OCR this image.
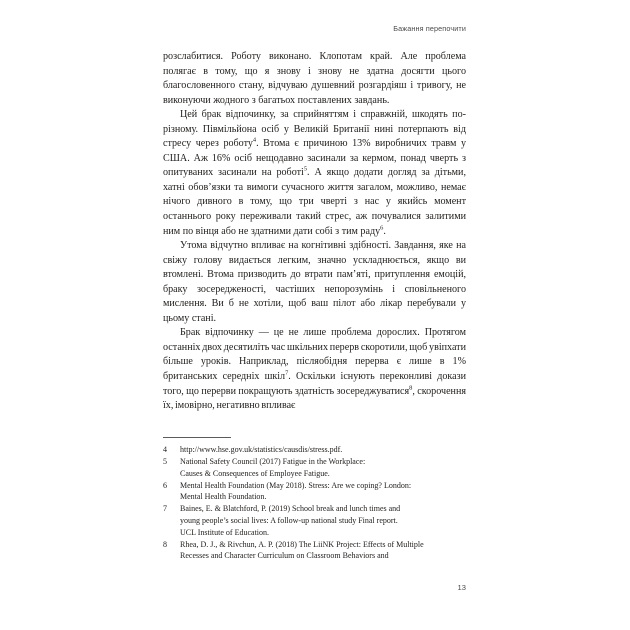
Бажання перепочити

розслабитися. Роботу виконано. Клопотам край. Але проблема полягає в тому, що я знову і знову не здатна досягти цього благословенного стану, відчуваю душевний розгардіяш і тривогу, не виконуючи жодного з багатьох поставлених завдань.

Цей брак відпочинку, за сприйняттям і справжній, шкодять по-різному. Півмільйона осіб у Великій Британії нині потерпають від стресу через роботу$^4$. Втома є причиною 13% виробничих травм у США. Аж 16% осіб нещодавно засинали за кермом, понад чверть з опитуваних засинали на роботі$^5$. А якщо додати догляд за дітьми, хатні обов’язки та вимоги сучасного життя загалом, можливо, немає нічого дивного в тому, що три чверті з нас у якийсь момент останнього року переживали такий стрес, аж почувалися залитими ним по вінця або не здатними дати собі з тим раду$^6$.

Утома відчутно впливає на когнітивні здібності. Завдання, яке на свіжу голову видається легким, значно ускладнюється, якщо ви втомлені. Втома призводить до втрати пам’яті, притуплення емоцій, браку зосередженості, частіших непорозумінь і сповільненого мислення. Ви б не хотіли, щоб ваш пілот або лікар перебували у цьому стані.

Брак відпочинку — це не лише проблема дорослих. Протягом останніх двох десятиліть час шкільних перерв скоротили, щоб увіпхати більше уроків. Наприклад, післяобідня перерва є лише в 1% британських середніх шкіл$^7$. Оскільки існують переконливі докази того, що перерви покращують здатність зосереджуватися$^8$, скорочення їх, імовірно, негативно впливає

4	http://www.hse.gov.uk/statistics/causdis/stress.pdf.
5	National Safety Council (2017) Fatigue in the Workplace:
Causes & Consequences of Employee Fatigue.
6	Mental Health Foundation (May 2018). Stress: Are we coping? London:
Mental Health Foundation.
7	Baines, E. & Blatchford, P. (2019) School break and lunch times and
young people’s social lives: A follow-up national study Final report.
UCL Institute of Education.
8	Rhea, D. J., & Rivchun, A. P. (2018) The LiiNK Project: Effects of Multiple
Recesses and Character Curriculum on Classroom Behaviors and
13
